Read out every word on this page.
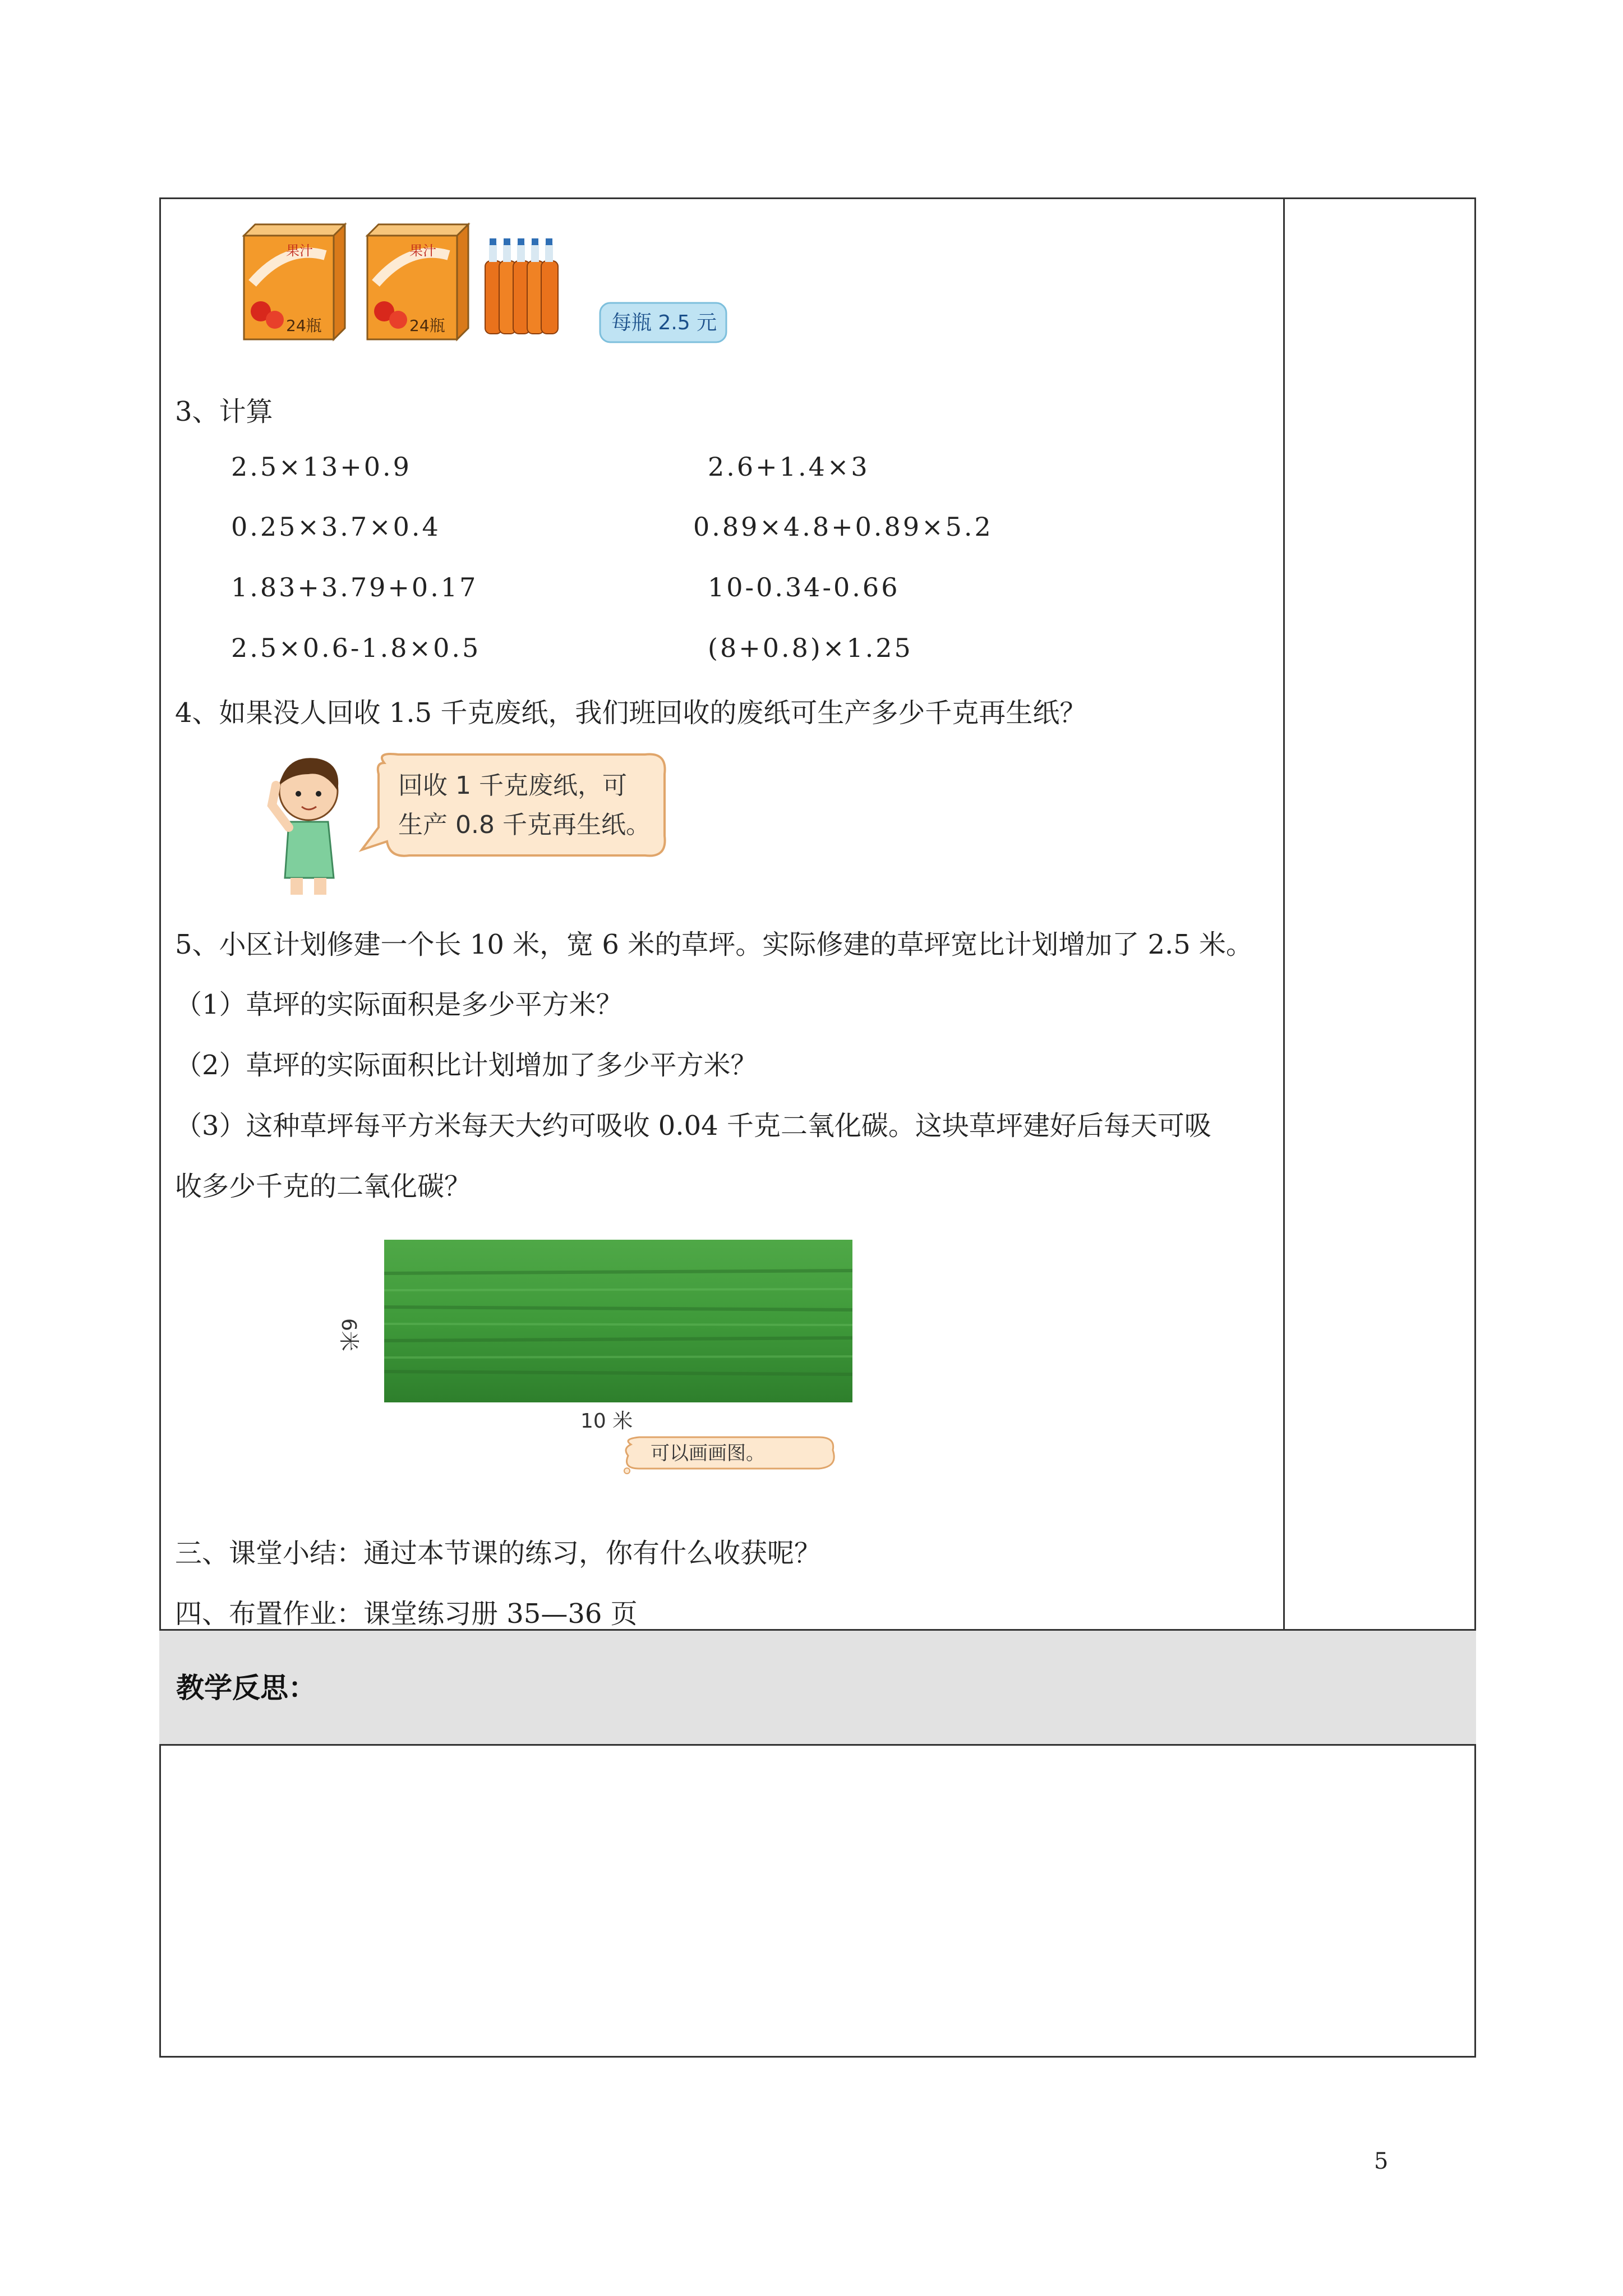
教学反思：
果汁
24瓶
果汁
24瓶	每瓶 2.5 元
3、计算
2.5×13+0.9	2.6+1.4×3
0.25×3.7×0.4	0.89×4.8+0.89×5.2
1.83+3.79+0.17	10-0.34-0.66
2.5×0.6-1.8×0.5	(8+0.8)×1.25
4、如果没人回收 1.5 千克废纸，我们班回收的废纸可生产多少千克再生纸？
回收 1 千克废纸，可
生产 0.8 千克再生纸。
5、小区计划修建一个长 10 米，宽 6 米的草坪。实际修建的草坪宽比计划增加了 2.5 米。
（1）草坪的实际面积是多少平方米？
（2）草坪的实际面积比计划增加了多少平方米？
（3）这种草坪每平方米每天大约可吸收 0.04 千克二氧化碳。这块草坪建好后每天可吸
收多少千克的二氧化碳？
6米
10 米
可以画画图。
三、课堂小结：通过本节课的练习，你有什么收获呢？
四、布置作业：课堂练习册 35—36 页
5
